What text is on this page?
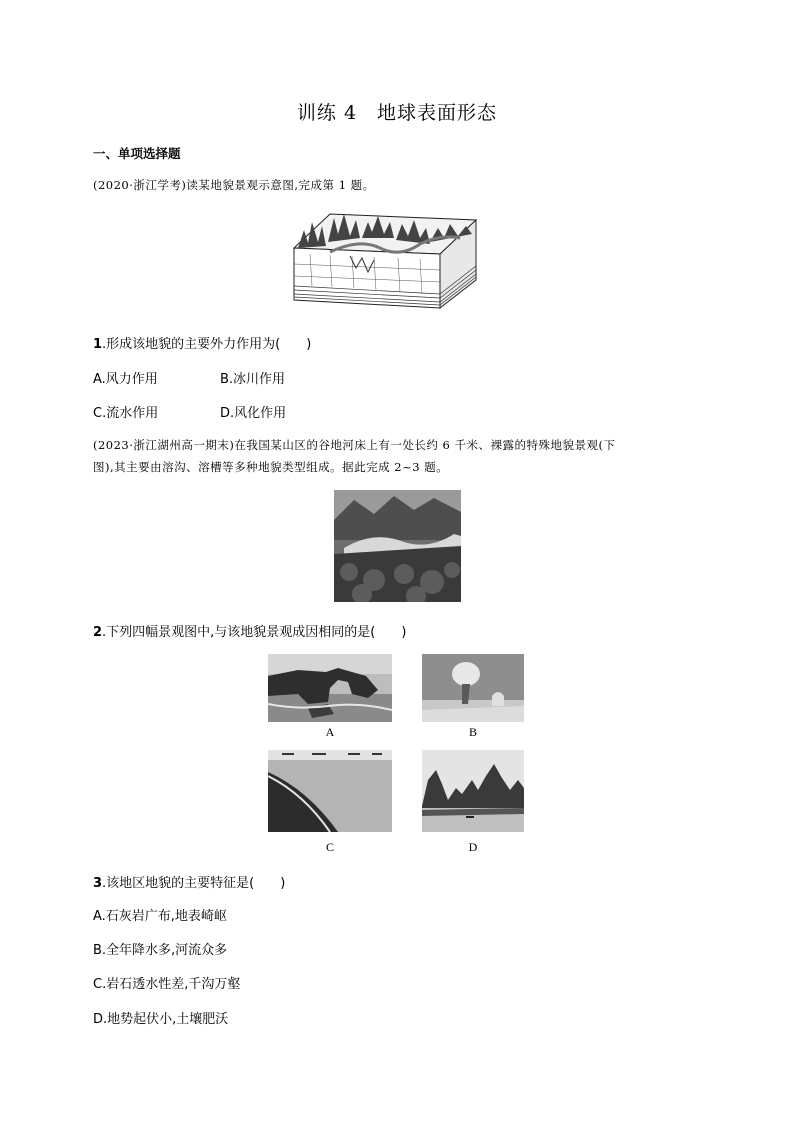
训练 4　地球表面形态
一、单项选择题
(2020·浙江学考)读某地貌景观示意图,完成第 1 题。
1.形成该地貌的主要外力作用为(　　)
A.风力作用	B.冰川作用
C.流水作用	D.风化作用
(2023·浙江湖州高一期末)在我国某山区的谷地河床上有一处长约 6 千米、裸露的特殊地貌景观(下
图),其主要由溶沟、溶槽等多种地貌类型组成。据此完成 2~3 题。
2.下列四幅景观图中,与该地貌景观成因相同的是(　　)
A	B
C	D
3.该地区地貌的主要特征是(　　)
A.石灰岩广布,地表崎岖
B.全年降水多,河流众多
C.岩石透水性差,千沟万壑
D.地势起伏小,土壤肥沃
